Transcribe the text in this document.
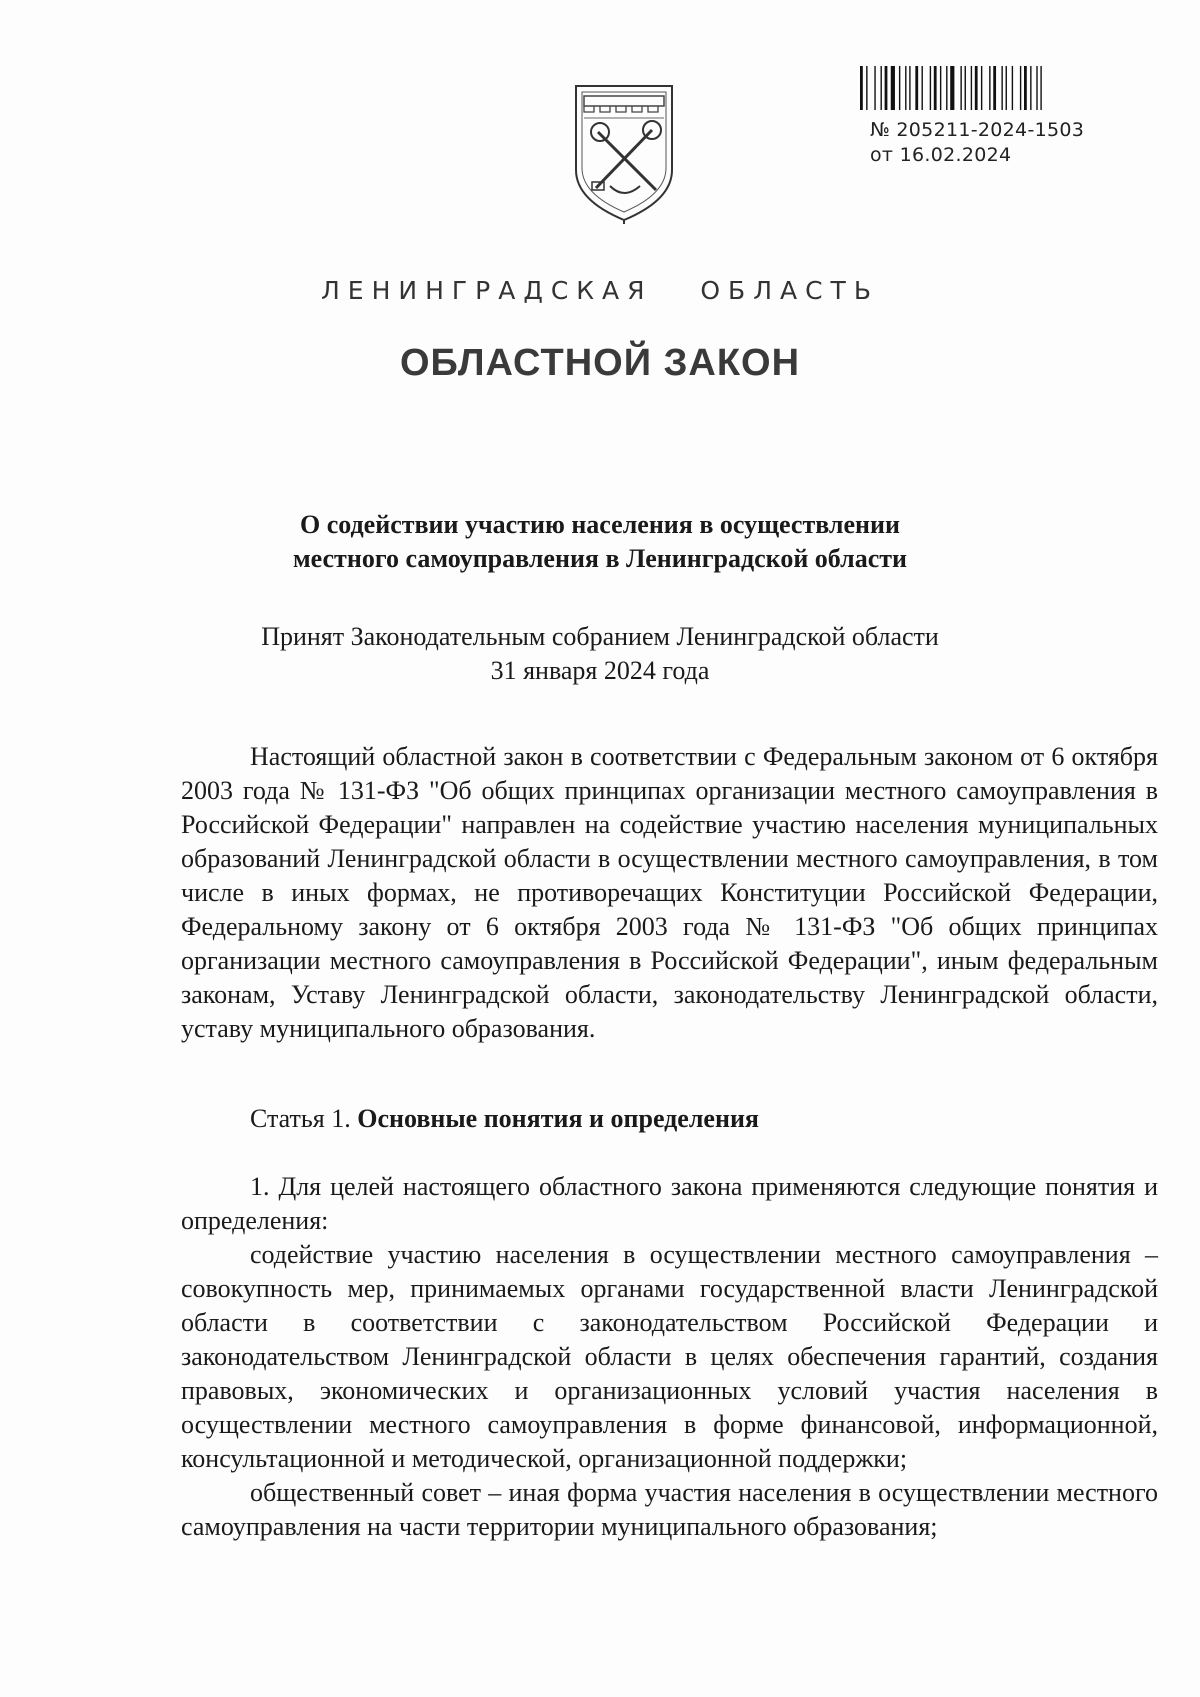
№ 205211-2024-1503
от 16.02.2024
ЛЕНИНГРАДСКАЯ   ОБЛАСТЬ
ОБЛАСТНОЙ ЗАКОН
О содействии участию населения в осуществлении
местного самоуправления в Ленинградской области
Принят Законодательным собранием Ленинградской области
31 января 2024 года

Настоящий областной закон в соответствии с Федеральным законом от 6 октября 2003 года № 131-ФЗ "Об общих принципах организации местного самоуправления в Российской Федерации" направлен на содействие участию населения муниципальных образований Ленинградской области в осуществлении местного самоуправления, в том числе в иных формах, не противоречащих Конституции Российской Федерации, Федеральному закону от 6 октября 2003 года № 131-ФЗ "Об общих принципах организации местного самоуправления в Российской Федерации", иным федеральным законам, Уставу Ленинградской области, законодательству Ленинградской области, уставу муниципального образования.

Статья 1. Основные понятия и определения

1. Для целей настоящего областного закона применяются следующие понятия и определения:

содействие участию населения в осуществлении местного самоуправления – совокупность мер, принимаемых органами государственной власти Ленинградской области в соответствии с законодательством Российской Федерации и законодательством Ленинградской области в целях обеспечения гарантий, создания правовых, экономических и организационных условий участия населения в осуществлении местного самоуправления в форме финансовой, информационной, консультационной и методической, организационной поддержки;

общественный совет – иная форма участия населения в осуществлении местного самоуправления на части территории муниципального образования;
